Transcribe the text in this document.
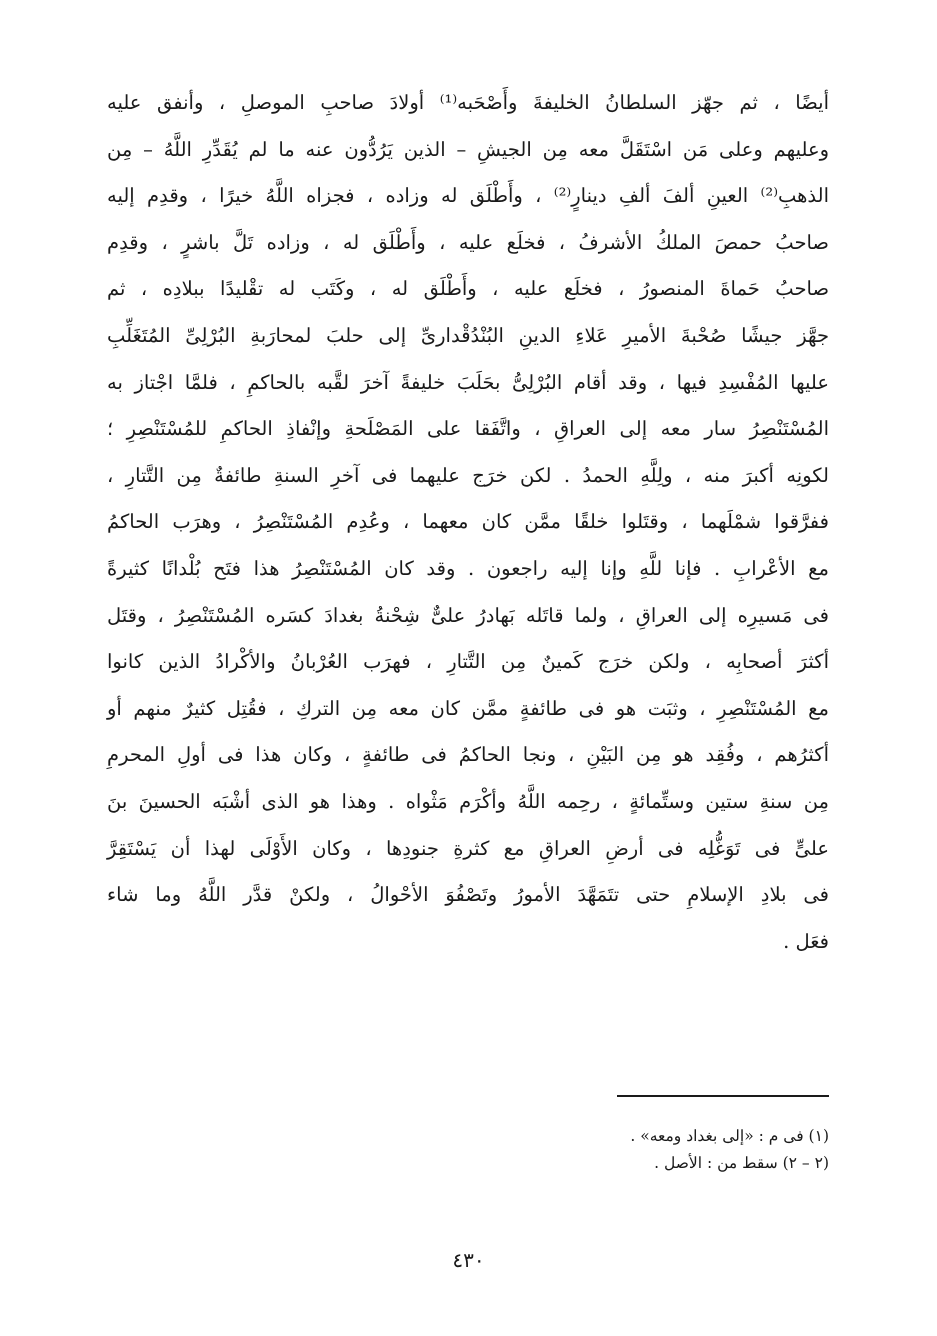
أيضًا ، ثم جهّز السلطانُ الخليفةَ وأَصْحَبه⁽¹⁾ أولادَ صاحبِ الموصلِ ، وأنفق عليه
وعليهم وعلى مَن اسْتَقَلَّ معه مِن الجيشِ – الذين يَرُدُّون عنه ما لم يُقَدِّرِ اللَّهُ – مِن
الذهبِ⁽²⁾ العينِ ألفَ ألفِ دينارٍ⁽²⁾ ، وأَطْلَق له وزاده ، فجزاه اللَّهُ خيرًا ، وقدِم إليه
صاحبُ حمصَ الملكُ الأشرفُ ، فخلَع عليه ، وأَطْلَق له ، وزاده تَلَّ باشرٍ ، وقدِم
صاحبُ حَماةَ المنصورُ ، فخلَع عليه ، وأَطْلَق له ، وكَتَب له تقْليدًا ببلادِه ، ثم
جهَّز جيشًا صُحْبةَ الأميرِ عَلاءِ الدينِ البُنْدُقْدارىِّ إلى حلبَ لمحارَبةِ البُرْلِىِّ المُتَغَلِّبِ
عليها المُفْسِدِ فيها ، وقد أقام البُرْلِىُّ بحَلَبَ خليفةً آخرَ لقَّبه بالحاكمِ ، فلمَّا اجْتاز به
المُسْتَنْصِرُ سار معه إلى العراقِ ، واتَّفَقا على المَصْلَحةِ وإنْفاذِ الحاكمِ للمُسْتَنْصِرِ ؛
لكونِه أكبرَ منه ، ولِلَّهِ الحمدُ . لكن خرَج عليهما فى آخرِ السنةِ طائفةٌ مِن التَّتارِ ،
ففرَّقوا شمْلَهما ، وقتَلوا خلقًا ممَّن كان معهما ، وعُدِم المُسْتَنْصِرُ ، وهرَب الحاكمُ
مع الأعْرابِ . فإنا للَّهِ وإنا إليه راجعون . وقد كان المُسْتَنْصِرُ هذا فتَح بُلْدانًا كثيرةً
فى مَسيرِه إلى العراقِ ، ولما قاتَله بَهادرُ علىٌّ شِحْنةُ بغدادَ كسَره المُسْتَنْصِرُ ، وقتَل
أكثرَ أصحابِه ، ولكن خرَج كَمينٌ مِن التَّتارِ ، فهرَب العُرْبانُ والأكْرادُ الذين كانوا
مع المُسْتَنْصِرِ ، وثبَت هو فى طائفةٍ ممَّن كان معه مِن التركِ ، فقُتِل كثيرٌ منهم أو
أكثرُهم ، وفُقِد هو مِن البَيْنِ ، ونجا الحاكمُ فى طائفةٍ ، وكان هذا فى أولِ المحرمِ
مِن سنةِ ستين وستِّمائةٍ ، رحِمه اللَّهُ وأكْرَم مَثْواه . وهذا هو الذى أشْبَه الحسينَ بنَ
علىٍّ فى تَوَغُّلِه فى أرضِ العراقِ مع كثرةِ جنودِها ، وكان الأَوْلَى لهذا أن يَسْتَقِرَّ
فى بلادِ الإسلامِ حتى تتَمَهَّدَ الأمورُ وتَصْفُوَ الأحْوالُ ، ولكنْ قدَّر اللَّهُ وما شاء
فعَل .
(١) فى م : «إلى بغداد ومعه» .
(٢ – ٢) سقط من : الأصل .
٤٣٠
